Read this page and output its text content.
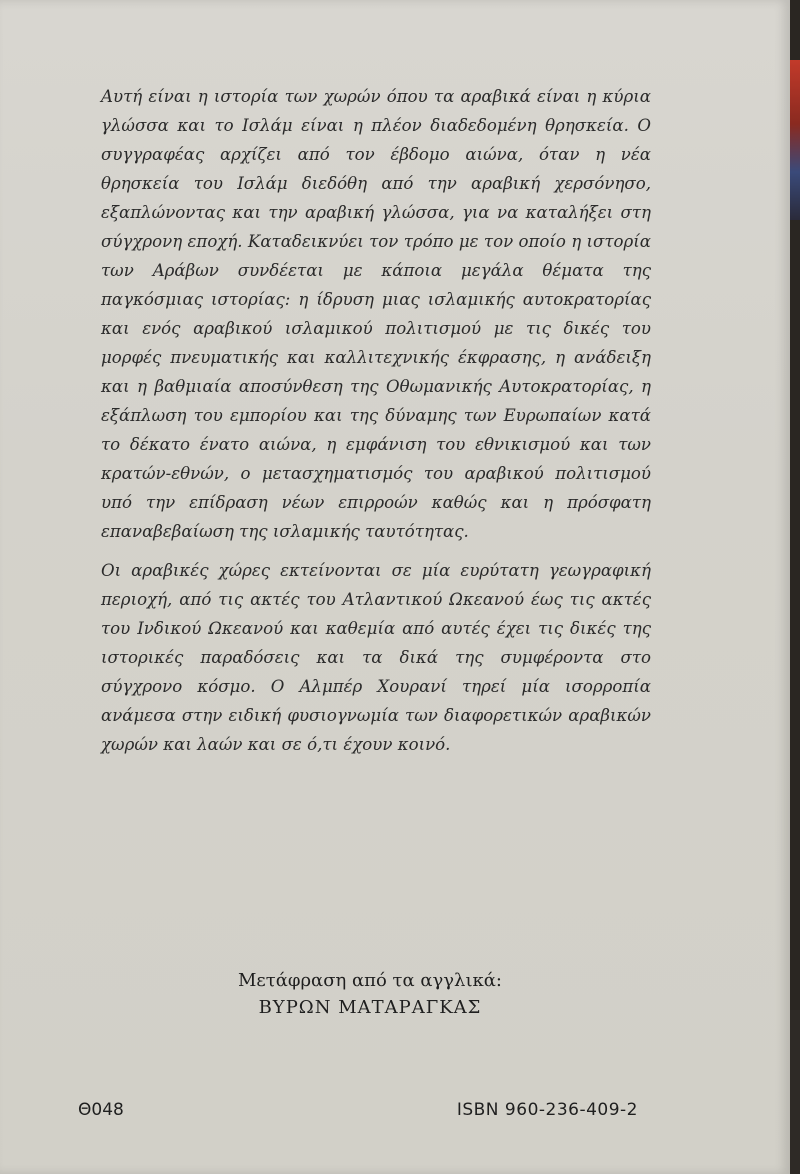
Αυτή είναι η ιστορία των χωρών όπου τα αραβικά είναι η κύρια γλώσσα και το Ισλάμ είναι η πλέον διαδεδομένη θρησκεία. Ο συγγραφέας αρχίζει από τον έβδομο αιώνα, όταν η νέα θρησκεία του Ισλάμ διεδόθη από την αραβική χερσόνησο, εξαπλώνοντας και την αραβική γλώσσα, για να καταλήξει στη σύγχρονη εποχή. Καταδεικνύει τον τρόπο με τον οποίο η ιστορία των Αράβων συνδέεται με κάποια μεγάλα θέματα της παγκόσμιας ιστορίας: η ίδρυση μιας ισλαμικής αυτοκρατορίας και ενός αραβικού ισλαμικού πολιτισμού με τις δικές του μορφές πνευματικής και καλλιτεχνικής έκφρασης, η ανάδειξη και η βαθμιαία αποσύνθεση της Οθωμανικής Αυτοκρατορίας, η εξάπλωση του εμπορίου και της δύναμης των Ευρωπαίων κατά το δέκατο ένατο αιώνα, η εμφάνιση του εθνικισμού και των κρατών-εθνών, ο μετασχηματισμός του αραβικού πολιτισμού υπό την επίδραση νέων επιρροών καθώς και η πρόσφατη επαναβεβαίωση της ισλαμικής ταυτότητας.

Οι αραβικές χώρες εκτείνονται σε μία ευρύτατη γεωγραφική περιοχή, από τις ακτές του Ατλαντικού Ωκεανού έως τις ακτές του Ινδικού Ωκεανού και καθεμία από αυτές έχει τις δικές της ιστορικές παραδόσεις και τα δικά της συμφέροντα στο σύγχρονο κόσμο. Ο Αλμπέρ Χουρανί τηρεί μία ισορροπία ανάμεσα στην ειδική φυσιογνωμία των διαφορετικών αραβικών χωρών και λαών και σε ό,τι έχουν κοινό.

Μετάφραση από τα αγγλικά:
ΒΥΡΩΝ ΜΑΤΑΡΑΓΚΑΣ
Θ048	ISBN 960-236-409-2
